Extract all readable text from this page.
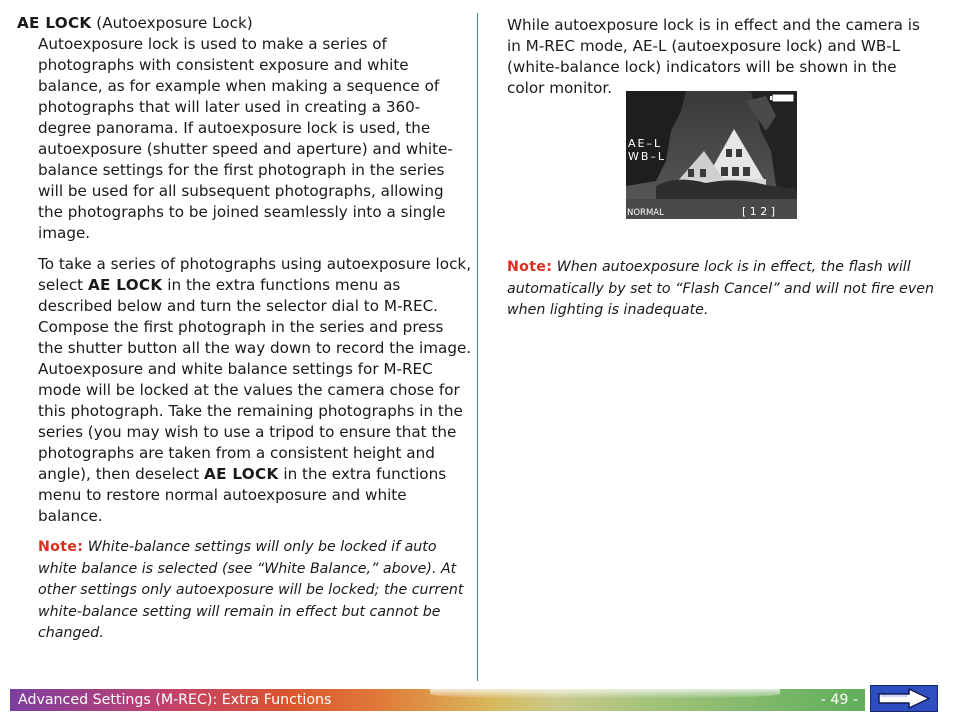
AE LOCK (Autoexposure Lock)

Autoexposure lock is used to make a series of photographs with consistent exposure and white balance, as for example when making a sequence of photographs that will later used in creating a 360-degree panorama. If autoexposure lock is used, the autoexposure (shutter speed and aperture) and white-balance settings for the first photograph in the series will be used for all subsequent photographs, allowing the photographs to be joined seamlessly into a single image.

To take a series of photographs using autoexposure lock, select AE LOCK in the extra functions menu as described below and turn the selector dial to M-REC. Compose the first photograph in the series and press the shutter button all the way down to record the image. Autoexposure and white balance settings for M-REC mode will be locked at the values the camera chose for this photograph. Take the remaining photographs in the series (you may wish to use a tripod to ensure that the photographs are taken from a consistent height and angle), then deselect AE LOCK in the extra functions menu to restore normal autoexposure and white balance.

Note: White-balance settings will only be locked if auto white balance is selected (see “White Balance,” above). At other settings only autoexposure will be locked; the current white-balance setting will remain in effect but cannot be changed.

While autoexposure lock is in effect and the camera is in M-REC mode, AE-L (autoexposure lock) and WB-L (white-balance lock) indicators will be shown in the color monitor.

Note: When autoexposure lock is in effect, the flash will automatically by set to “Flash Cancel” and will not fire even when lighting is inadequate.

AE–L
WB–L
NORMAL	[ 1 2 ]
Advanced Settings (M-REC): Extra Functions	- 49 -
